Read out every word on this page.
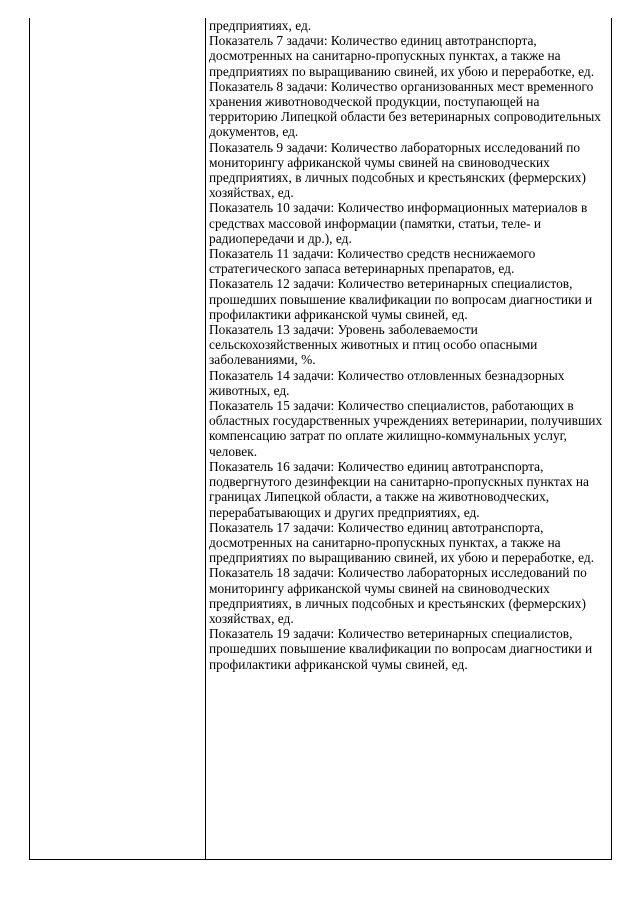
предприятиях, ед.

Показатель 7 задачи: Количество единиц автотранспорта, досмотренных на санитарно-пропускных пунктах, а также на предприятиях по выращиванию свиней, их убою и переработке, ед.

Показатель 8 задачи: Количество организованных мест временного хранения животноводческой продукции, поступающей на территорию Липецкой области без ветеринарных сопроводительных документов, ед.

Показатель 9 задачи: Количество лабораторных исследований по мониторингу африканской чумы свиней на свиноводческих предприятиях, в личных подсобных и крестьянских (фермерских) хозяйствах, ед.

Показатель 10 задачи: Количество информационных материалов в средствах массовой информации (памятки, статьи, теле- и радиопередачи и др.), ед.

Показатель 11 задачи: Количество средств неснижаемого стратегического запаса ветеринарных препаратов, ед.

Показатель 12 задачи: Количество ветеринарных специалистов, прошедших повышение квалификации по вопросам диагностики и профилактики африканской чумы свиней, ед.

Показатель 13 задачи: Уровень заболеваемости сельскохозяйственных животных и птиц особо опасными заболеваниями, %.

Показатель 14 задачи: Количество отловленных безнадзорных животных, ед.

Показатель 15 задачи: Количество специалистов, работающих в областных государственных учреждениях ветеринарии, получивших компенсацию затрат по оплате жилищно-коммунальных услуг, человек.

Показатель 16 задачи: Количество единиц автотранспорта, подвергнутого дезинфекции на санитарно-пропускных пунктах на границах Липецкой области, а также на животноводческих, перерабатывающих и других предприятиях, ед.

Показатель 17 задачи: Количество единиц автотранспорта, досмотренных на санитарно-пропускных пунктах, а также на предприятиях по выращиванию свиней, их убою и переработке, ед.

Показатель 18 задачи: Количество лабораторных исследований по мониторингу африканской чумы свиней на свиноводческих предприятиях, в личных подсобных и крестьянских (фермерских) хозяйствах, ед.

Показатель 19 задачи: Количество ветеринарных специалистов, прошедших повышение квалификации по вопросам диагностики и профилактики африканской чумы свиней, ед.
